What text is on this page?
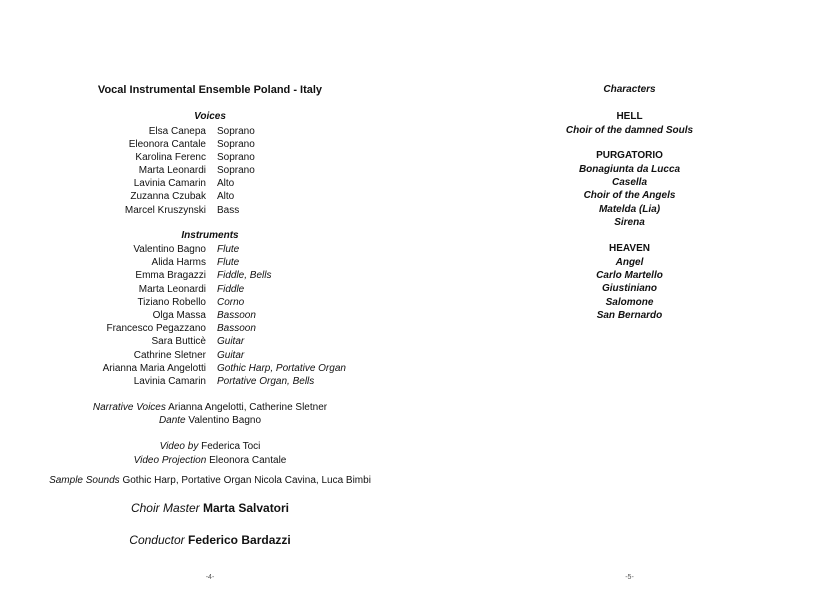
Vocal Instrumental Ensemble Poland - Italy
Voices
Elsa Canepa Soprano
Eleonora Cantale Soprano
Karolina Ferenc Soprano
Marta Leonardi Soprano
Lavinia Camarin Alto
Zuzanna Czubak Alto
Marcel Kruszynski Bass
Instruments
Valentino Bagno Flute
Alida Harms Flute
Emma Bragazzi Fiddle, Bells
Marta Leonardi Fiddle
Tiziano Robello Corno
Olga Massa Bassoon
Francesco Pegazzano Bassoon
Sara Butticè Guitar
Cathrine Sletner Guitar
Arianna Maria Angelotti Gothic Harp, Portative Organ
Lavinia Camarin Portative Organ, Bells
Narrative Voices Arianna Angelotti, Catherine Sletner
Dante Valentino Bagno
Video by Federica Toci
Video Projection Eleonora Cantale
Sample Sounds Gothic Harp, Portative Organ Nicola Cavina, Luca Bimbi
Choir Master Marta Salvatori
Conductor Federico Bardazzi
-4-
Characters
HELL
Choir of the damned Souls
PURGATORIO
Bonagiunta da Lucca
Casella
Choir of the Angels
Matelda (Lia)
Sirena
HEAVEN
Angel
Carlo Martello
Giustiniano
Salomone
San Bernardo
-5-
